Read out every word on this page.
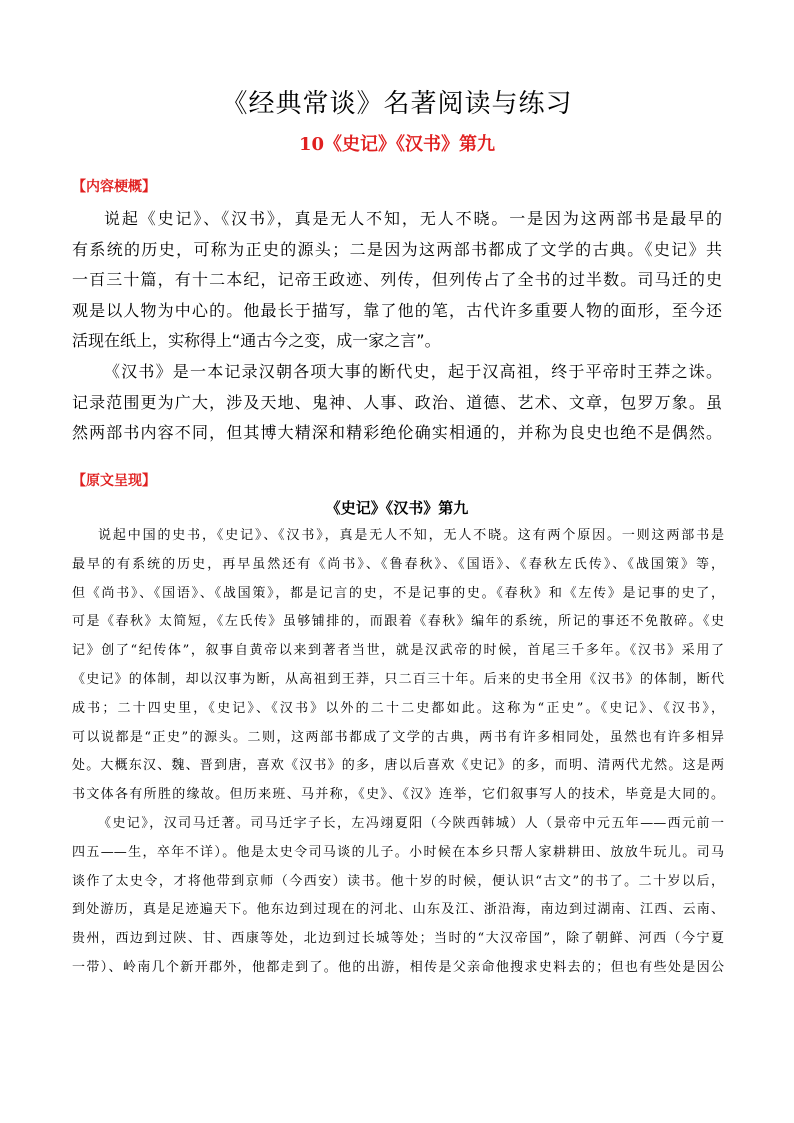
《经典常谈》名著阅读与练习
10《史记》《汉书》第九
【内容梗概】
说起《史记》、《汉书》，真是无人不知，无人不晓。一是因为这两部书是最早的
有系统的历史，可称为正史的源头；二是因为这两部书都成了文学的古典。《史记》共
一百三十篇，有十二本纪，记帝王政迹、列传，但列传占了全书的过半数。司马迁的史
观是以人物为中心的。他最长于描写，靠了他的笔，古代许多重要人物的面形，至今还
活现在纸上，实称得上“通古今之变，成一家之言”。
《汉书》是一本记录汉朝各项大事的断代史，起于汉高祖，终于平帝时王莽之诛。
记录范围更为广大，涉及天地、鬼神、人事、政治、道德、艺术、文章，包罗万象。虽
然两部书内容不同，但其博大精深和精彩绝伦确实相通的，并称为良史也绝不是偶然。
【原文呈现】
《史记》《汉书》第九
说起中国的史书，《史记》、《汉书》，真是无人不知，无人不晓。这有两个原因。一则这两部书是
最早的有系统的历史，再早虽然还有《尚书》、《鲁春秋》、《国语》、《春秋左氏传》、《战国策》等，
但《尚书》、《国语》、《战国策》，都是记言的史，不是记事的史。《春秋》和《左传》是记事的史了，
可是《春秋》太简短，《左氏传》虽够铺排的，而跟着《春秋》编年的系统，所记的事还不免散碎。《史
记》创了“纪传体”，叙事自黄帝以来到著者当世，就是汉武帝的时候，首尾三千多年。《汉书》采用了
《史记》的体制，却以汉事为断，从高祖到王莽，只二百三十年。后来的史书全用《汉书》的体制，断代
成书；二十四史里，《史记》、《汉书》以外的二十二史都如此。这称为“正史”。《史记》、《汉书》，
可以说都是“正史”的源头。二则，这两部书都成了文学的古典，两书有许多相同处，虽然也有许多相异
处。大概东汉、魏、晋到唐，喜欢《汉书》的多，唐以后喜欢《史记》的多，而明、清两代尤然。这是两
书文体各有所胜的缘故。但历来班、马并称，《史》、《汉》连举，它们叙事写人的技术，毕竟是大同的。
《史记》，汉司马迁著。司马迁字子长，左冯翊夏阳（今陕西韩城）人（景帝中元五年——西元前一
四五——生，卒年不详）。他是太史令司马谈的儿子。小时候在本乡只帮人家耕耕田、放放牛玩儿。司马
谈作了太史令，才将他带到京师（今西安）读书。他十岁的时候，便认识“古文”的书了。二十岁以后，
到处游历，真是足迹遍天下。他东边到过现在的河北、山东及江、浙沿海，南边到过湖南、江西、云南、
贵州，西边到过陕、甘、西康等处，北边到过长城等处；当时的“大汉帝国”，除了朝鲜、河西（今宁夏
一带）、岭南几个新开郡外，他都走到了。他的出游，相传是父亲命他搜求史料去的；但也有些处是因公
